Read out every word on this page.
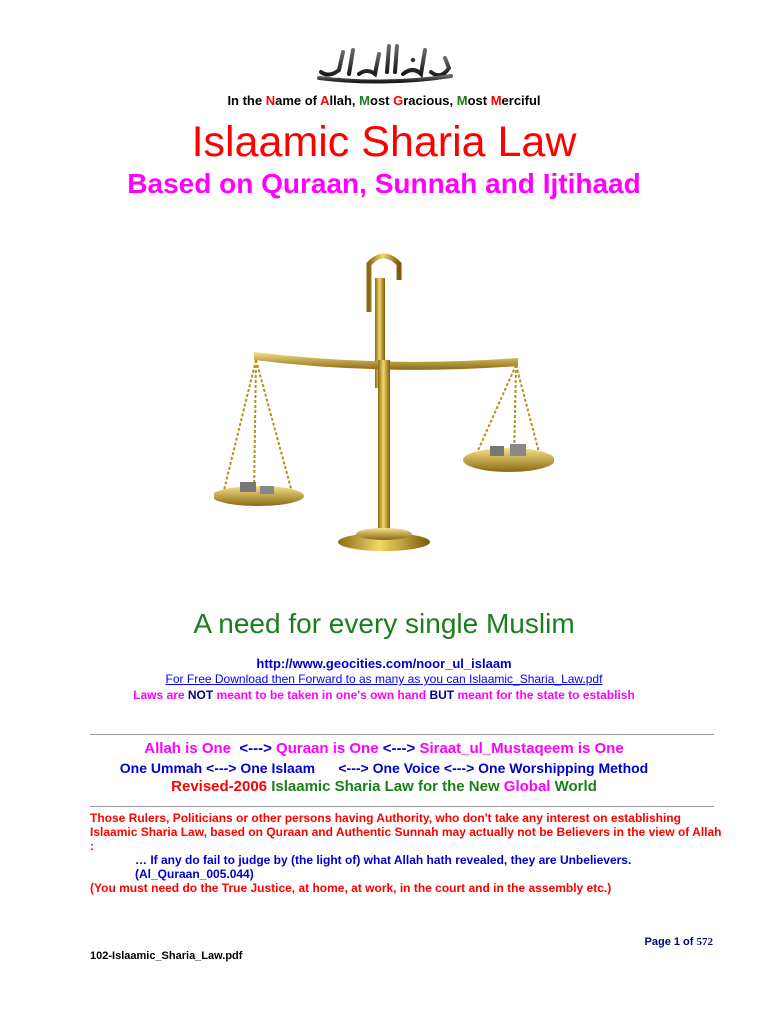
In the Name of Allah, Most Gracious, Most Merciful
Islaamic Sharia Law
Based on Quraan, Sunnah and Ijtihaad
A need for every single Muslim
http://www.geocities.com/noor_ul_islaam
For Free Download then Forward to as many as you can Islaamic_Sharia_Law.pdf
Laws are NOT meant to be taken in one's own hand BUT meant for the state to establish
Allah is One <---> Quraan is One <---> Siraat_ul_Mustaqeem is One
One Ummah <---> One Islaam      <---> One Voice <---> One Worshipping Method
Revised-2006 Islaamic Sharia Law for the New Global World
Those Rulers, Politicians or other persons having Authority, who don't take any interest on establishing Islaamic Sharia Law, based on Quraan and Authentic Sunnah may actually not be Believers in the view of Allah :
… If any do fail to judge by (the light of) what Allah hath revealed, they are Unbelievers.
(Al_Quraan_005.044)
(You must need do the True Justice, at home, at work, in the court and in the assembly etc.)
Page 1 of 572
102-Islaamic_Sharia_Law.pdf
